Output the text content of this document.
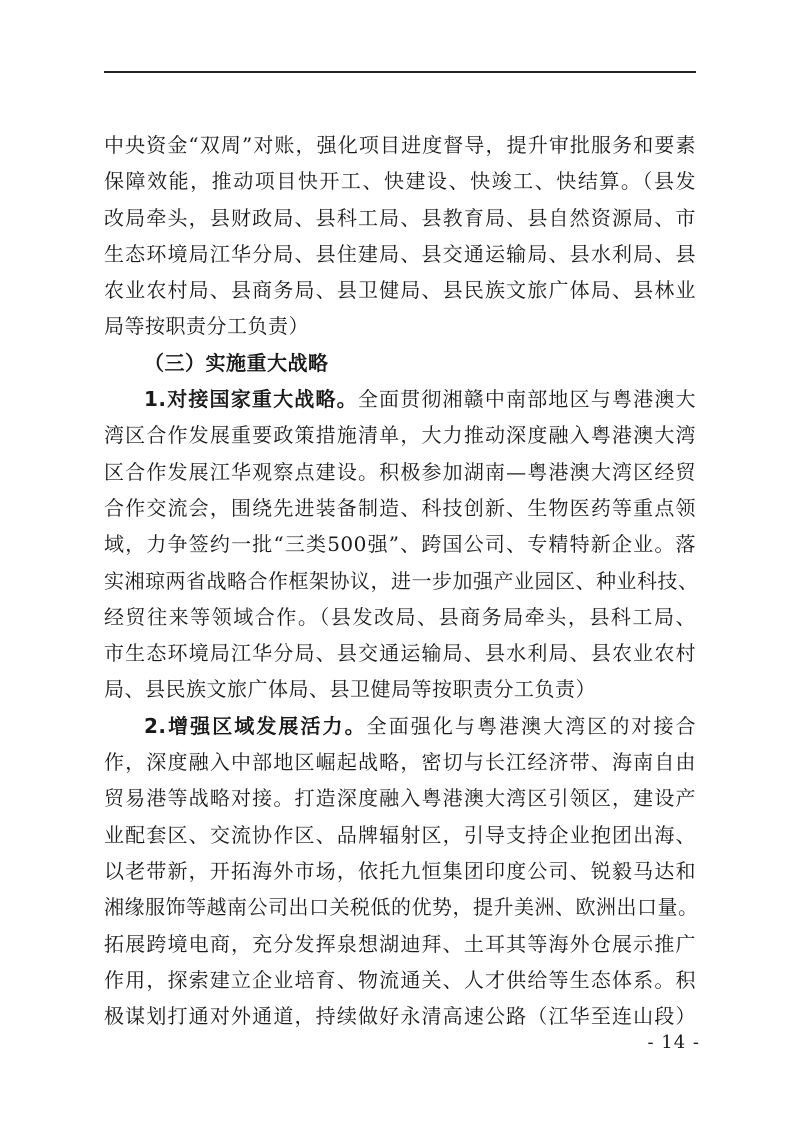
中央资金“双周”对账，强化项目进度督导，提升审批服务和要素
保障效能，推动项目快开工、快建设、快竣工、快结算。（县发
改局牵头，县财政局、县科工局、县教育局、县自然资源局、市
生态环境局江华分局、县住建局、县交通运输局、县水利局、县
农业农村局、县商务局、县卫健局、县民族文旅广体局、县林业
局等按职责分工负责）
（三）实施重大战略
1.对接国家重大战略。全面贯彻湘赣中南部地区与粤港澳大
湾区合作发展重要政策措施清单，大力推动深度融入粤港澳大湾
区合作发展江华观察点建设。积极参加湖南—粤港澳大湾区经贸
合作交流会，围绕先进装备制造、科技创新、生物医药等重点领
域，力争签约一批“三类500强”、跨国公司、专精特新企业。落
实湘琼两省战略合作框架协议，进一步加强产业园区、种业科技、
经贸往来等领域合作。（县发改局、县商务局牵头，县科工局、
市生态环境局江华分局、县交通运输局、县水利局、县农业农村
局、县民族文旅广体局、县卫健局等按职责分工负责）
2.增强区域发展活力。全面强化与粤港澳大湾区的对接合
作，深度融入中部地区崛起战略，密切与长江经济带、海南自由
贸易港等战略对接。打造深度融入粤港澳大湾区引领区，建设产
业配套区、交流协作区、品牌辐射区，引导支持企业抱团出海、
以老带新，开拓海外市场，依托九恒集团印度公司、锐毅马达和
湘缘服饰等越南公司出口关税低的优势，提升美洲、欧洲出口量。
拓展跨境电商，充分发挥泉想湖迪拜、土耳其等海外仓展示推广
作用，探索建立企业培育、物流通关、人才供给等生态体系。积
极谋划打通对外通道，持续做好永清高速公路（江华至连山段）
- 14 -
